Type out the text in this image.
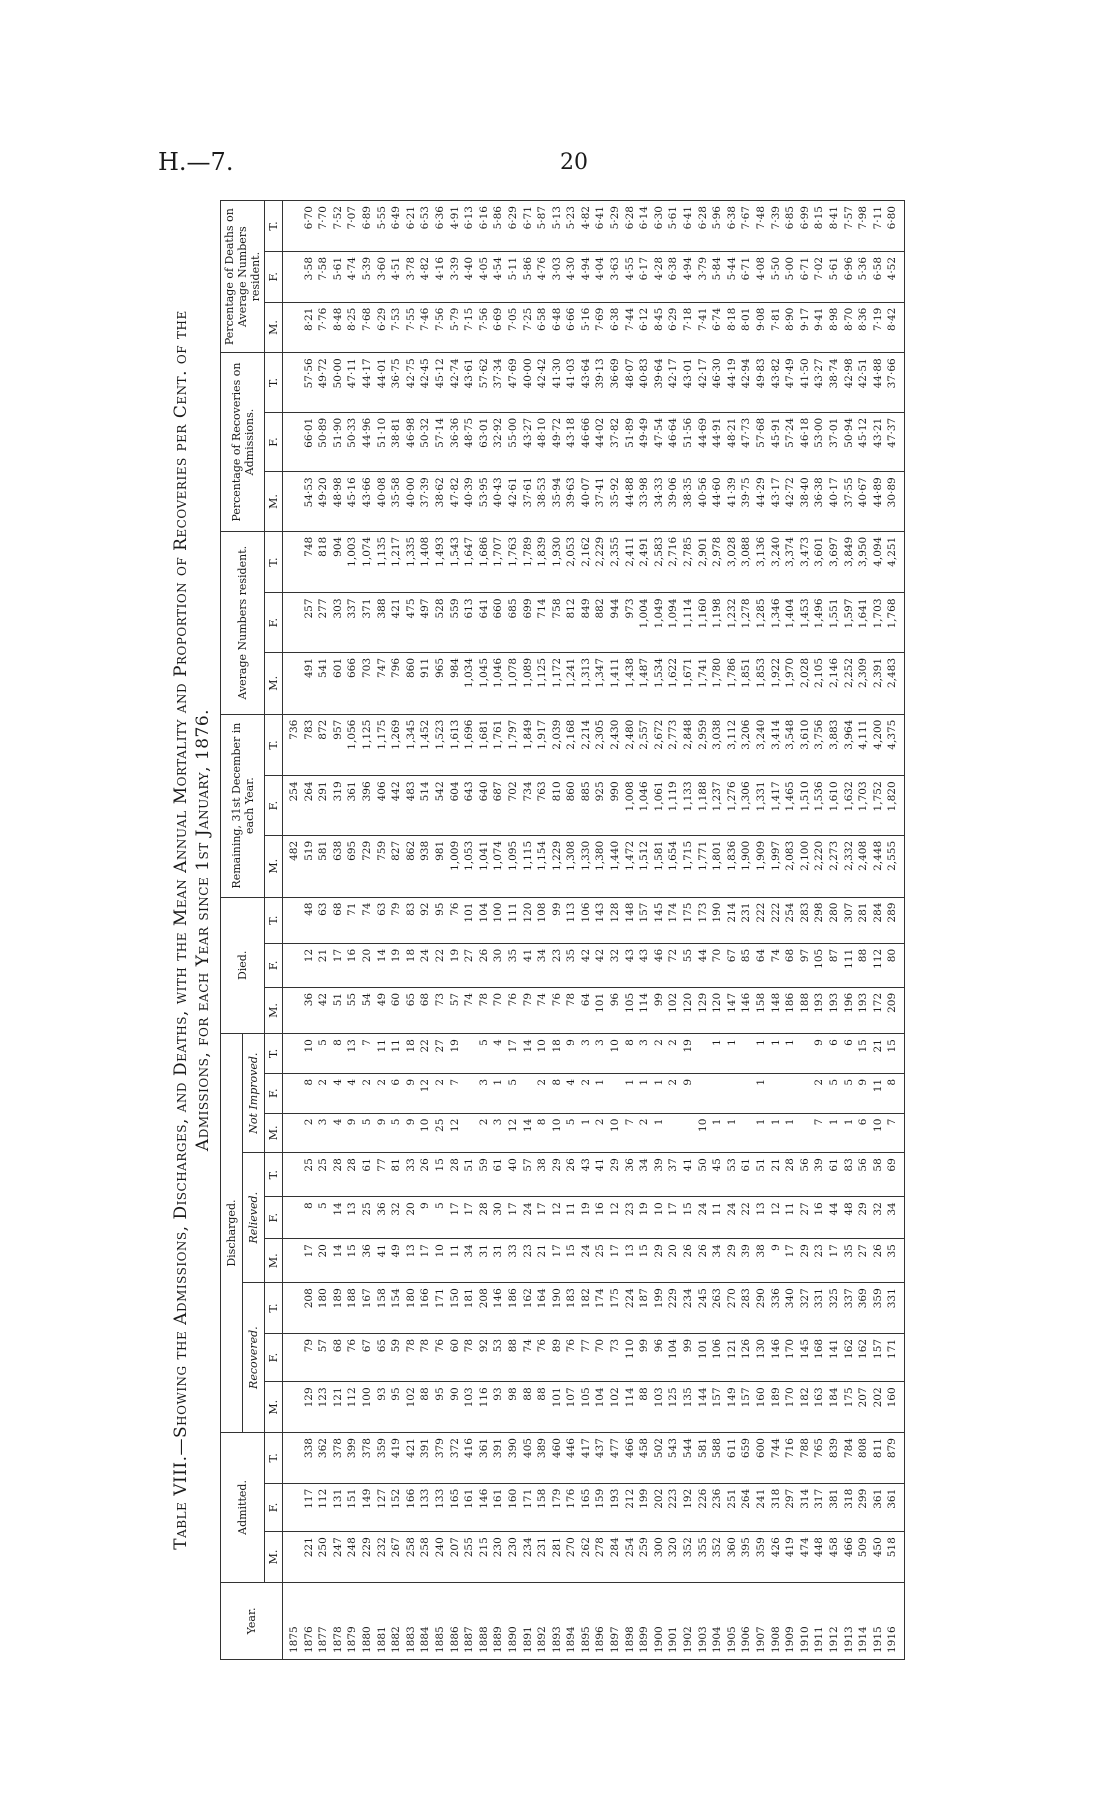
H.—7.	20
Table VIII.—Showing the Admissions, Discharges, and Deaths, with the Mean Annual Mortality and Proportion of Recoveries per Cent. of the Admissions, for each Year since 1st January, 1876.
Year.	Admitted.			Discharged.									Died.			Remaining, 31st December in each Year.			Average Numbers resident.			Percentage of Recoveries on Admissions.			Percentage of Deaths on Average Numbers resident.		
				Recovered.			Relieved.			Not Improved.																	
	M.	F.	T.	M.	F.	T.	M.	F.	T.	M.	F.	T.	M.	F.	T.	M.	F.	T.	M.	F.	T.	M.	F.	T.	M.	F.	T.
1875																482	254	736									
1876	221	117	338	129	79	208	17	8	25	2	8	10	36	12	48	519	264	783	491	257	748	54·53	66·01	57·56	8·21	3·58	6·70
1877	250	112	362	123	57	180	20	5	25	3	2	5	42	21	63	581	291	872	541	277	818	49·20	50·89	49·72	7·76	7·58	7·70
1878	247	131	378	121	68	189	14	14	28	4	4	8	51	17	68	638	319	957	601	303	904	48·98	51·90	50·00	8·48	5·61	7·52
1879	248	151	399	112	76	188	15	13	28	9	4	13	55	16	71	695	361	1,056	666	337	1,003	45·16	50·33	47·11	8·25	4·74	7·07
1880	229	149	378	100	67	167	36	25	61	5	2	7	54	20	74	729	396	1,125	703	371	1,074	43·66	44·96	44·17	7·68	5·39	6·89
1881	232	127	359	93	65	158	41	36	77	9	2	11	49	14	63	759	406	1,175	747	388	1,135	40·08	51·10	44·01	6·29	3·60	5·55
1882	267	152	419	95	59	154	49	32	81	5	6	11	60	19	79	827	442	1,269	796	421	1,217	35·58	38·81	36·75	7·53	4·51	6·49
1883	258	166	421	102	78	180	13	20	33	9	9	18	65	18	83	862	483	1,345	860	475	1,335	40·00	46·98	42·75	7·55	3·78	6·21
1884	258	133	391	88	78	166	17	9	26	10	12	22	68	24	92	938	514	1,452	911	497	1,408	37·39	50·32	42·45	7·46	4·82	6·53
1885	240	133	379	95	76	171	10	5	15	25	2	27	73	22	95	981	542	1,523	965	528	1,493	38·62	57·14	45·12	7·56	4·16	6·36
1886	207	165	372	90	60	150	11	17	28	12	7	19	57	19	76	1,009	604	1,613	984	559	1,543	47·82	36·36	42·74	5·79	3·39	4·91
1887	255	161	416	103	78	181	34	17	51				74	27	101	1,053	643	1,696	1,034	613	1,647	40·39	48·75	43·61	7·15	4·40	6·13
1888	215	146	361	116	92	208	31	28	59	2	3	5	78	26	104	1,041	640	1,681	1,045	641	1,686	53·95	63·01	57·62	7·56	4·05	6·16
1889	230	161	391	93	53	146	31	30	61	3	1	4	70	30	100	1,074	687	1,761	1,046	660	1,707	40·43	32·92	37·34	6·69	4·54	5·86
1890	230	160	390	98	88	186	33	17	40	12	5	17	76	35	111	1,095	702	1,797	1,078	685	1,763	42·61	55·00	47·69	7·05	5·11	6·29
1891	234	171	405	88	74	162	23	24	57	14		14	79	41	120	1,115	734	1,849	1,089	699	1,789	37·61	43·27	40·00	7·25	5·86	6·71
1892	231	158	389	88	76	164	21	17	38	8	2	10	74	34	108	1,154	763	1,917	1,125	714	1,839	38·53	48·10	42·42	6·58	4·76	5·87
1893	281	179	460	101	89	190	17	12	29	10	8	18	76	23	99	1,229	810	2,039	1,172	758	1,930	35·94	49·72	41·30	6·48	3·03	5·13
1894	270	176	446	107	76	183	15	11	26	5	4	9	78	35	113	1,308	860	2,168	1,241	812	2,053	39·63	43·18	41·03	6·66	4·30	5·23
1895	262	165	417	105	77	182	24	19	43	1	2	3	64	42	106	1,330	885	2,214	1,313	849	2,162	40·07	46·66	43·64	5·16	4·94	4·82
1896	278	159	437	104	70	174	25	16	41	2	1	3	101	42	143	1,380	925	2,305	1,347	882	2,229	37·41	44·02	39·13	7·69	4·04	6·41
1897	284	193	477	102	73	175	17	12	29	10		10	96	32	128	1,440	990	2,430	1,411	944	2,355	35·92	37·82	36·69	6·38	3·63	5·29
1898	254	212	466	114	110	224	13	23	36	7	1	8	105	43	148	1,472	1,008	2,480	1,438	973	2,411	44·88	51·89	48·07	7·44	4·55	6·28
1899	259	199	458	88	99	187	15	19	34	2	1	3	114	43	157	1,512	1,046	2,557	1,487	1,004	2,491	33·98	49·49	40·83	6·12	6·17	6·14
1900	300	202	502	103	96	199	29	10	39	1	1	2	99	46	145	1,581	1,061	2,672	1,534	1,049	2,583	34·33	47·54	39·64	8·45	4·28	6·30
1901	320	223	543	125	104	229	20	17	37		2	2	102	72	174	1,654	1,119	2,773	1,622	1,094	2,716	39·06	46·64	42·17	6·29	6·38	5·61
1902	352	192	544	135	99	234	26	15	41		9	19	120	55	175	1,715	1,133	2,848	1,671	1,114	2,785	38·35	51·56	43·01	7·18	4·94	6·41
1903	355	226	581	144	101	245	26	24	50	10			129	44	173	1,771	1,188	2,959	1,741	1,160	2,901	40·56	44·69	42·17	7·41	3·79	6·28
1904	352	236	588	157	106	263	34	11	45	1		1	120	70	190	1,801	1,237	3,038	1,780	1,198	2,978	44·60	44·91	46·30	6·74	5·84	5·96
1905	360	251	611	149	121	270	29	24	53	1		1	147	67	214	1,836	1,276	3,112	1,786	1,232	3,028	41·39	48·21	44·19	8·18	5·44	6·38
1906	395	264	659	157	126	283	39	22	61				146	85	231	1,900	1,306	3,206	1,851	1,278	3,088	39·75	47·73	42·94	8·01	6·71	7·67
1907	359	241	600	160	130	290	38	13	51	1	1	1	158	64	222	1,909	1,331	3,240	1,853	1,285	3,136	44·29	57·68	49·83	9·08	4·08	7·48
1908	426	318	744	189	146	336	9	12	21	1		1	148	74	222	1,997	1,417	3,414	1,922	1,346	3,240	43·17	45·91	43·82	7·81	5·50	7·39
1909	419	297	716	170	170	340	17	11	28	1		1	186	68	254	2,083	1,465	3,548	1,970	1,404	3,374	42·72	57·24	47·49	8·90	5·00	6·85
1910	474	314	788	182	145	327	29	27	56				188	97	283	2,100	1,510	3,610	2,028	1,453	3,473	38·40	46·18	41·50	9·17	6·71	6·99
1911	448	317	765	163	168	331	23	16	39	7	2	9	193	105	298	2,220	1,536	3,756	2,105	1,496	3,601	36·38	53·00	43·27	9·41	7·02	8·15
1912	458	381	839	184	141	325	17	44	61	1	5	6	193	87	280	2,273	1,610	3,883	2,146	1,551	3,697	40·17	37·01	38·74	8·98	5·61	8·41
1913	466	318	784	175	162	337	35	48	83	1	5	6	196	111	307	2,332	1,632	3,964	2,252	1,597	3,849	37·55	50·94	42·98	8·70	6·96	7·57
1914	509	299	808	207	162	369	27	29	56	6	9	15	193	88	281	2,408	1,703	4,111	2,309	1,641	3,950	40·67	45·12	42·51	8·36	5·36	7·98
1915	450	361	811	202	157	359	26	32	58	10	11	21	172	112	284	2,448	1,752	4,200	2,391	1,703	4,094	44·89	43·21	44·88	7·19	6·58	7·11
1916	518	361	879	160	171	331	35	34	69	7	8	15	209	80	289	2,555	1,820	4,375	2,483	1,768	4,251	30·89	47·37	37·66	8·42	4·52	6·80
